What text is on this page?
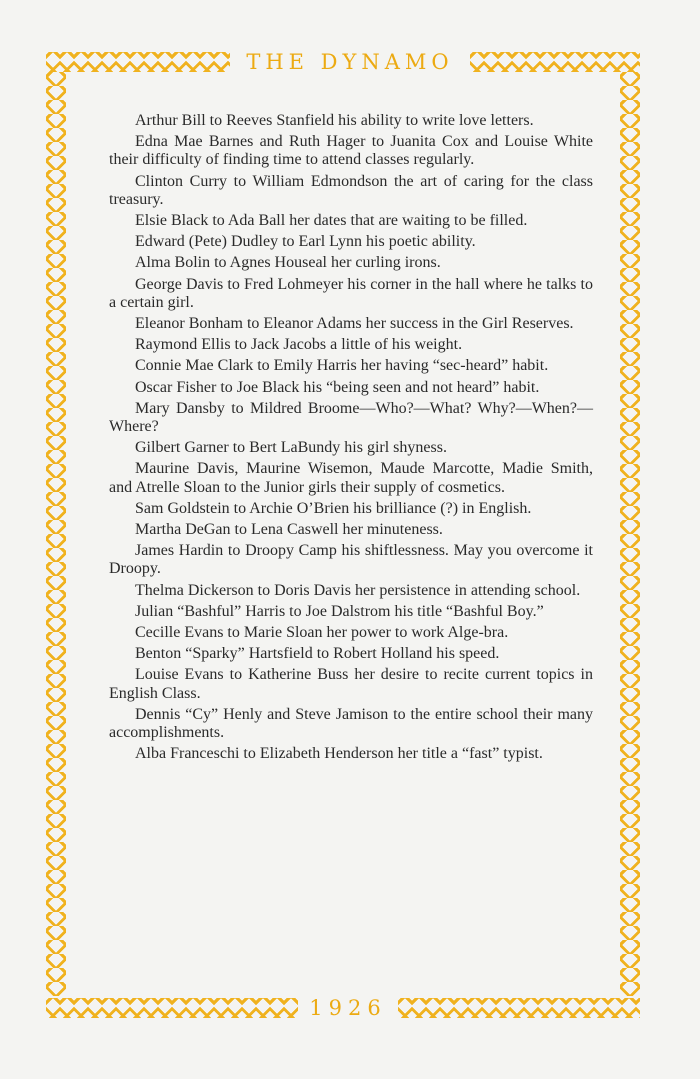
THE DYNAMO
1926

Arthur Bill to Reeves Stanfield his ability to write love letters.

Edna Mae Barnes and Ruth Hager to Juanita Cox and Louise White their difficulty of finding time to attend classes regularly.

Clinton Curry to William Edmondson the art of caring for the class treasury.

Elsie Black to Ada Ball her dates that are waiting to be filled.

Edward (Pete) Dudley to Earl Lynn his poetic ability.

Alma Bolin to Agnes Houseal her curling irons.

George Davis to Fred Lohmeyer his corner in the hall where he talks to a certain girl.

Eleanor Bonham to Eleanor Adams her success in the Girl Reserves.

Raymond Ellis to Jack Jacobs a little of his weight.

Connie Mae Clark to Emily Harris her having “sec-heard” habit.

Oscar Fisher to Joe Black his “being seen and not heard” habit.

Mary Dansby to Mildred Broome—Who?—What? Why?—When?—Where?

Gilbert Garner to Bert LaBundy his girl shyness.

Maurine Davis, Maurine Wisemon, Maude Marcotte, Madie Smith, and Atrelle Sloan to the Junior girls their supply of cosmetics.

Sam Goldstein to Archie O’Brien his brilliance (?) in English.

Martha DeGan to Lena Caswell her minuteness.

James Hardin to Droopy Camp his shiftlessness. May you overcome it Droopy.

Thelma Dickerson to Doris Davis her persistence in attending school.

Julian “Bashful” Harris to Joe Dalstrom his title “Bashful Boy.”

Cecille Evans to Marie Sloan her power to work Alge-bra.

Benton “Sparky” Hartsfield to Robert Holland his speed.

Louise Evans to Katherine Buss her desire to recite current topics in English Class.

Dennis “Cy” Henly and Steve Jamison to the entire school their many accomplishments.

Alba Franceschi to Elizabeth Henderson her title a “fast” typist.
